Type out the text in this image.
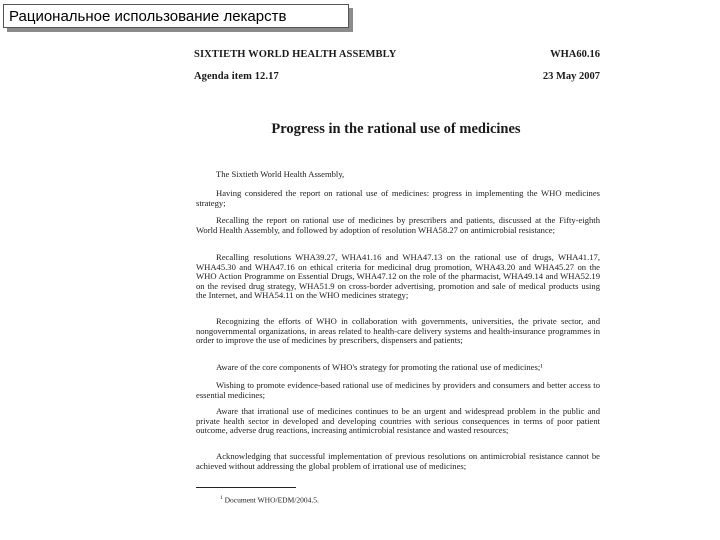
Рациональное использование лекарств
SIXTIETH WORLD HEALTH ASSEMBLY	WHA60.16
Agenda item 12.17	23 May 2007
Progress in the rational use of medicines
The Sixtieth World Health Assembly,
Having considered the report on rational use of medicines: progress in implementing the WHO medicines strategy;
Recalling the report on rational use of medicines by prescribers and patients, discussed at the Fifty-eighth World Health Assembly, and followed by adoption of resolution WHA58.27 on antimicrobial resistance;
Recalling resolutions WHA39.27, WHA41.16 and WHA47.13 on the rational use of drugs, WHA41.17, WHA45.30 and WHA47.16 on ethical criteria for medicinal drug promotion, WHA43.20 and WHA45.27 on the WHO Action Programme on Essential Drugs, WHA47.12 on the role of the pharmacist, WHA49.14 and WHA52.19 on the revised drug strategy, WHA51.9 on cross-border advertising, promotion and sale of medical products using the Internet, and WHA54.11 on the WHO medicines strategy;
Recognizing the efforts of WHO in collaboration with governments, universities, the private sector, and nongovernmental organizations, in areas related to health-care delivery systems and health-insurance programmes in order to improve the use of medicines by prescribers, dispensers and patients;
Aware of the core components of WHO's strategy for promoting the rational use of medicines;¹
Wishing to promote evidence-based rational use of medicines by providers and consumers and better access to essential medicines;
Aware that irrational use of medicines continues to be an urgent and widespread problem in the public and private health sector in developed and developing countries with serious consequences in terms of poor patient outcome, adverse drug reactions, increasing antimicrobial resistance and wasted resources;
Acknowledging that successful implementation of previous resolutions on antimicrobial resistance cannot be achieved without addressing the global problem of irrational use of medicines;
$^1$ Document WHO/EDM/2004.5.
